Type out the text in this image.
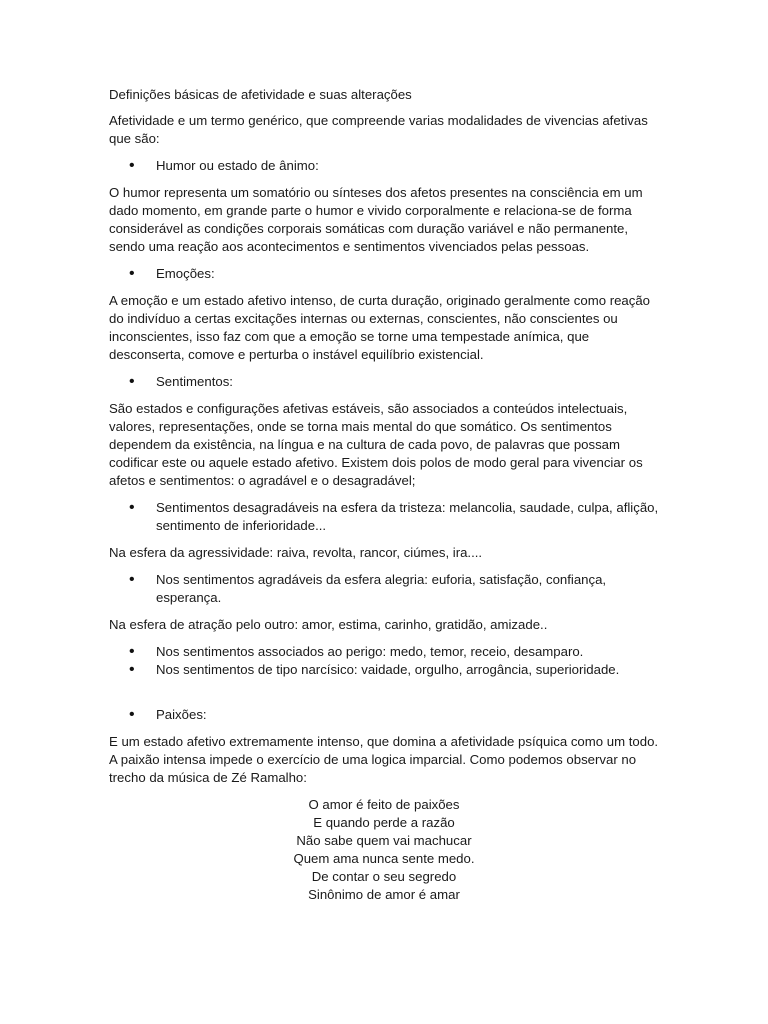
Definições básicas de afetividade e suas alterações

Afetividade e um termo genérico, que compreende varias modalidades de vivencias afetivas que são:

• Humor ou estado de ânimo:

O humor representa um somatório ou sínteses dos afetos presentes na consciência em um dado momento, em grande parte o humor e vivido corporalmente e relaciona-se de forma considerável as condições corporais somáticas com duração variável e não permanente, sendo uma reação aos acontecimentos e sentimentos vivenciados pelas pessoas.

• Emoções:

A emoção e um estado afetivo intenso, de curta duração, originado geralmente como reação do indivíduo a certas excitações internas ou externas, conscientes, não conscientes ou inconscientes, isso faz com que a emoção se torne uma tempestade anímica, que desconserta, comove e perturba o instável equilíbrio existencial.

• Sentimentos:

São estados e configurações afetivas estáveis, são associados a conteúdos intelectuais, valores, representações, onde se torna mais mental do que somático. Os sentimentos dependem da existência, na língua e na cultura de cada povo, de palavras que possam codificar este ou aquele estado afetivo. Existem dois polos de modo geral para vivenciar os afetos e sentimentos: o agradável e o desagradável;

• Sentimentos desagradáveis na esfera da tristeza: melancolia, saudade, culpa, aflição, sentimento de inferioridade...

Na esfera da agressividade: raiva, revolta, rancor, ciúmes, ira....

• Nos sentimentos agradáveis da esfera alegria: euforia, satisfação, confiança, esperança.

Na esfera de atração pelo outro: amor, estima, carinho, gratidão, amizade..

• Nos sentimentos associados ao perigo: medo, temor, receio, desamparo.
• Nos sentimentos de tipo narcísico: vaidade, orgulho, arrogância, superioridade.
• Paixões:

E um estado afetivo extremamente intenso, que domina a afetividade psíquica como um todo. A paixão intensa impede o exercício de uma logica imparcial. Como podemos observar no trecho da música de Zé Ramalho:

O amor é feito de paixões
E quando perde a razão
Não sabe quem vai machucar
Quem ama nunca sente medo.
De contar o seu segredo
Sinônimo de amor é amar
